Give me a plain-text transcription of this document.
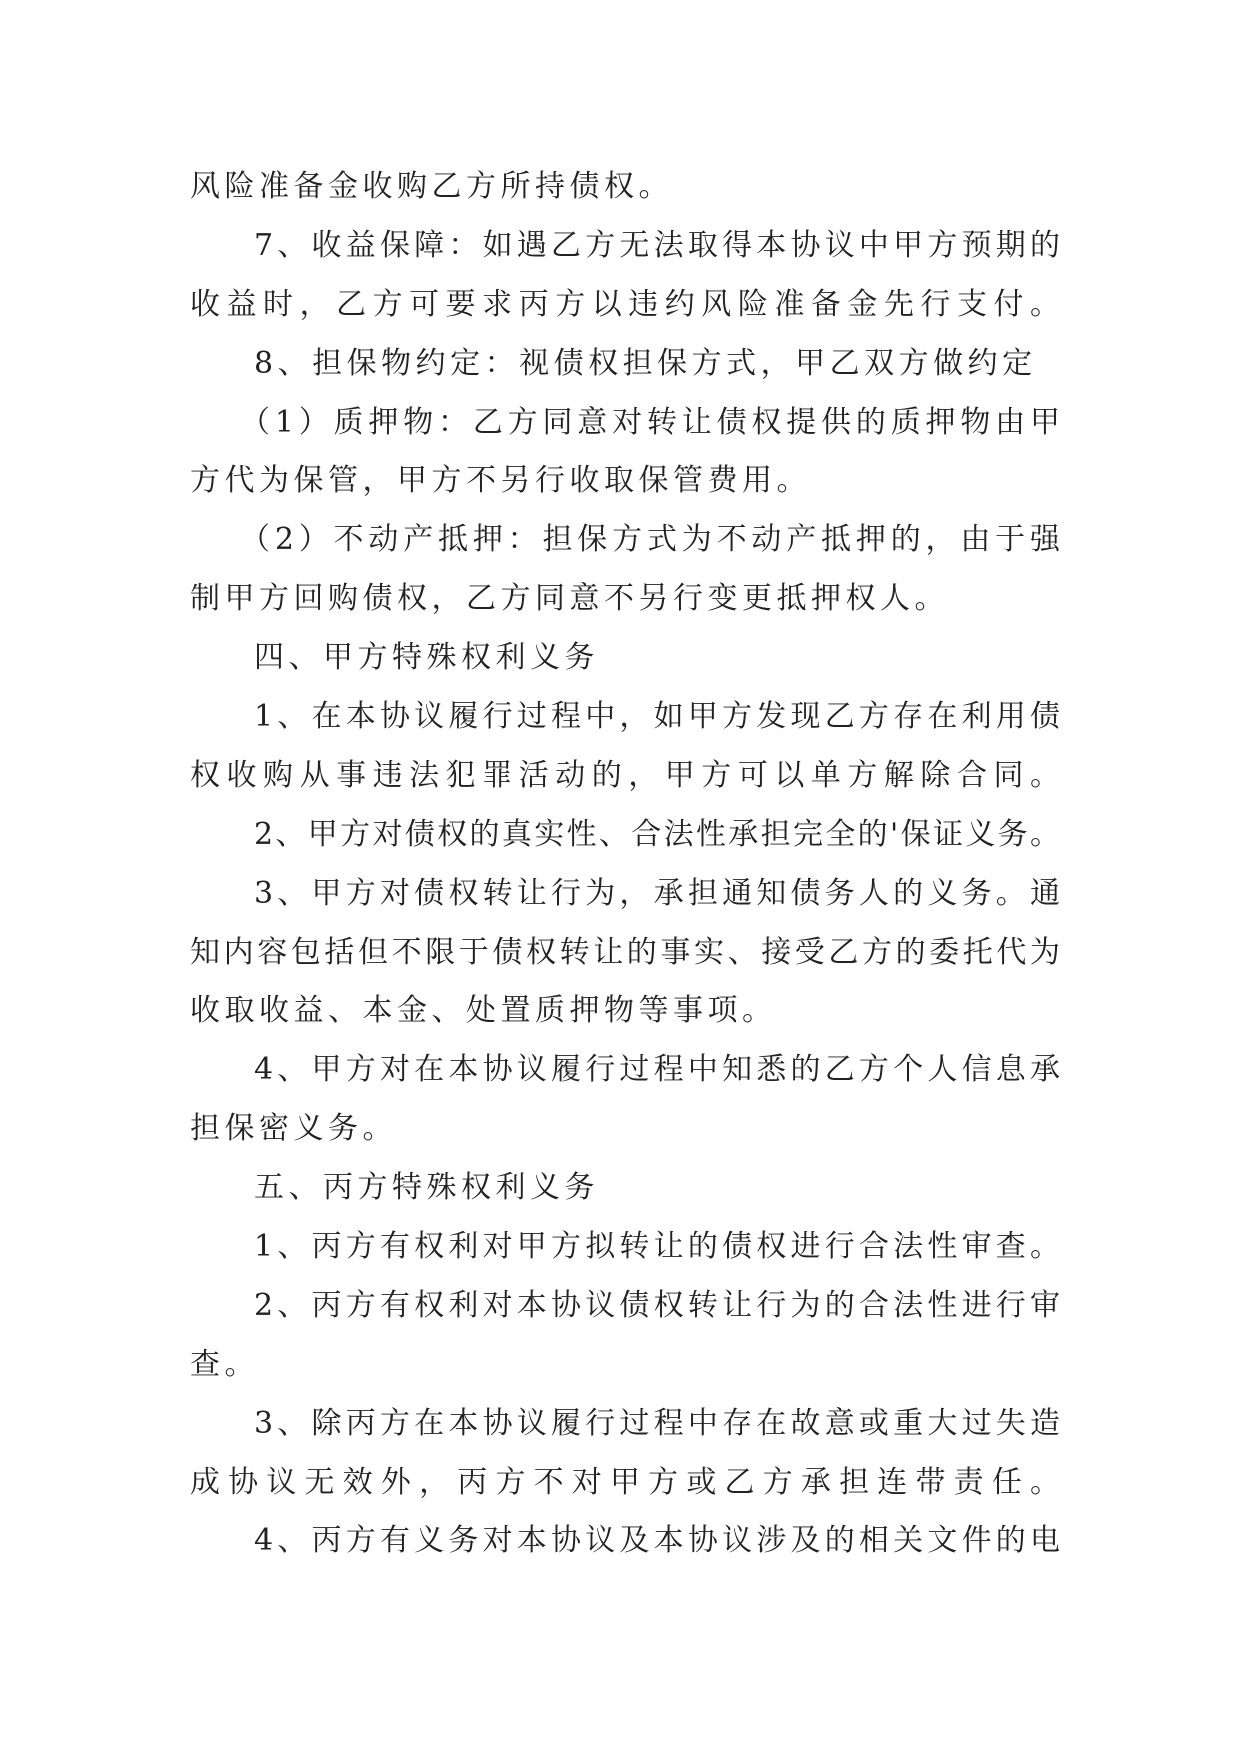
风险准备金收购乙方所持债权。
7、收益保障：如遇乙方无法取得本协议中甲方预期的
收益时，乙方可要求丙方以违约风险准备金先行支付。
8、担保物约定：视债权担保方式，甲乙双方做约定
（1）质押物：乙方同意对转让债权提供的质押物由甲
方代为保管，甲方不另行收取保管费用。
（2）不动产抵押：担保方式为不动产抵押的，由于强
制甲方回购债权，乙方同意不另行变更抵押权人。
四、甲方特殊权利义务
1、在本协议履行过程中，如甲方发现乙方存在利用债
权收购从事违法犯罪活动的，甲方可以单方解除合同。
2、甲方对债权的真实性、合法性承担完全的'保证义务。
3、甲方对债权转让行为，承担通知债务人的义务。通
知内容包括但不限于债权转让的事实、接受乙方的委托代为
收取收益、本金、处置质押物等事项。
4、甲方对在本协议履行过程中知悉的乙方个人信息承
担保密义务。
五、丙方特殊权利义务
1、丙方有权利对甲方拟转让的债权进行合法性审查。
2、丙方有权利对本协议债权转让行为的合法性进行审
查。
3、除丙方在本协议履行过程中存在故意或重大过失造
成协议无效外，丙方不对甲方或乙方承担连带责任。
4、丙方有义务对本协议及本协议涉及的相关文件的电
